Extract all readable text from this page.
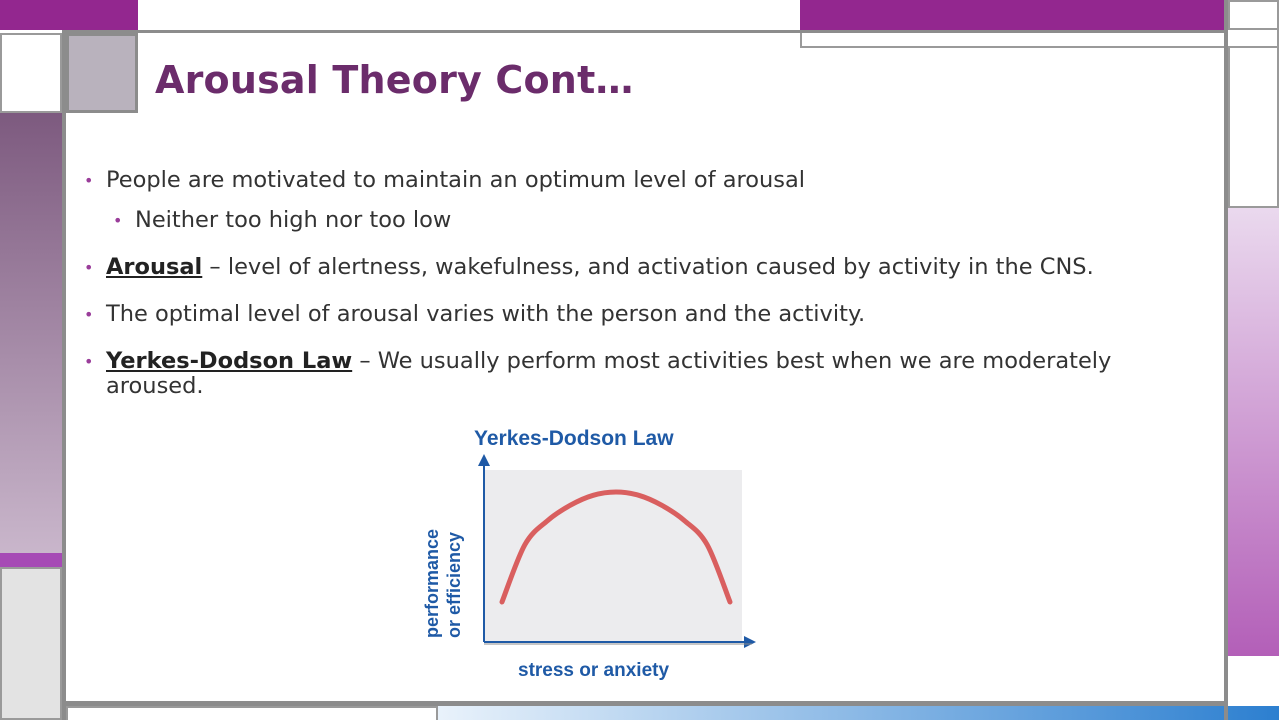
Arousal Theory Cont…

• People are motivated to maintain an optimum level of arousal

• Neither too high nor too low

• Arousal – level of alertness, wakefulness, and activation caused by activity in the CNS.

• The optimal level of arousal varies with the person and the activity.

• Yerkes-Dodson Law – We usually perform most activities best when we are moderately aroused.

Yerkes-Dodson Law
stress or anxiety
performance or efficiency
